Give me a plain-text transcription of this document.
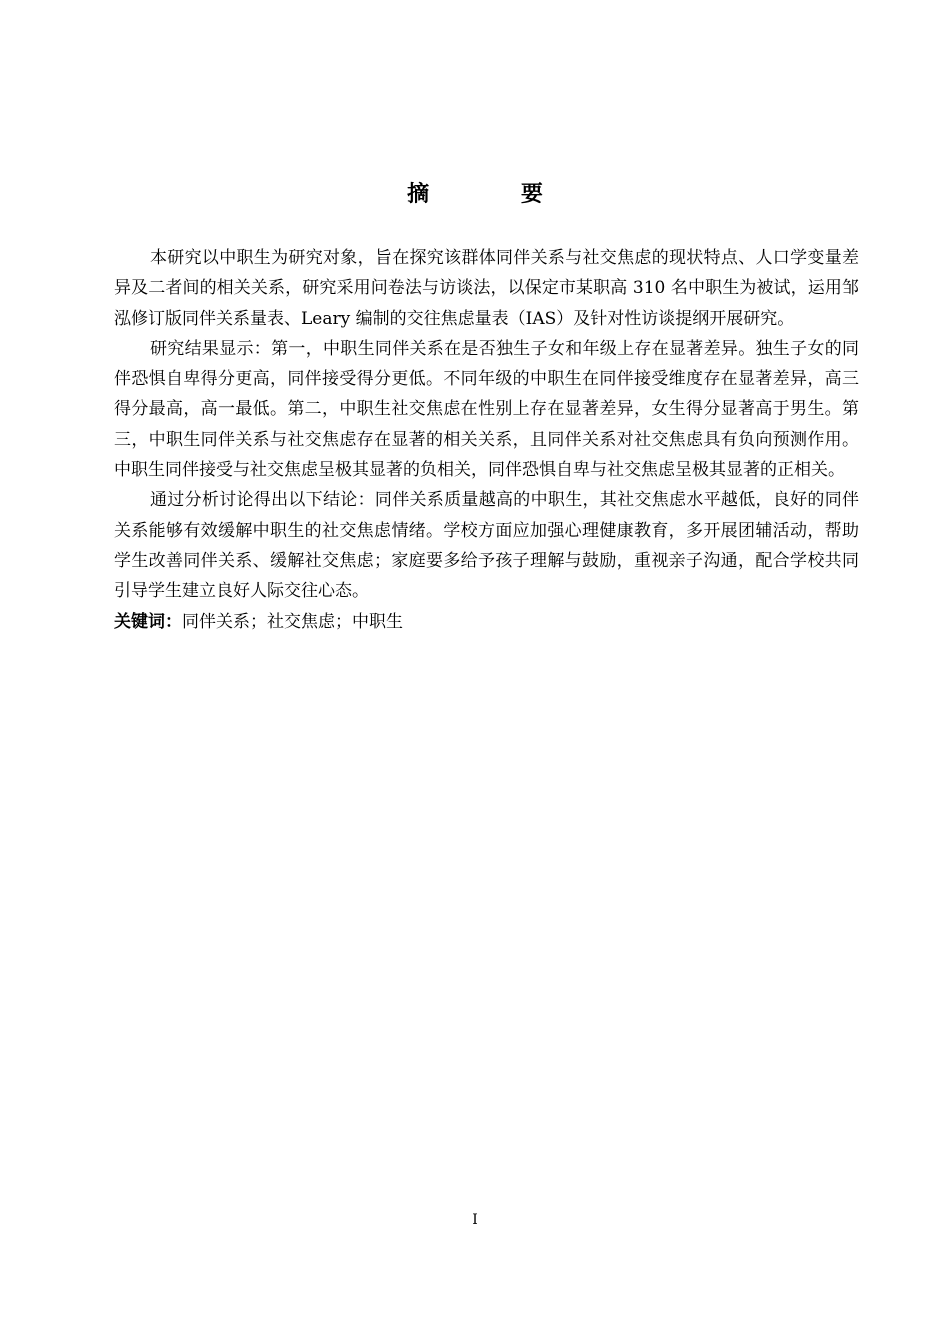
摘 要

本研究以中职生为研究对象，旨在探究该群体同伴关系与社交焦虑的现状特点、人口学变量差异及二者间的相关关系，研究采用问卷法与访谈法，以保定市某职高 310 名中职生为被试，运用邹泓修订版同伴关系量表、Leary 编制的交往焦虑量表（IAS）及针对性访谈提纲开展研究。

研究结果显示：第一，中职生同伴关系在是否独生子女和年级上存在显著差异。独生子女的同伴恐惧自卑得分更高，同伴接受得分更低。不同年级的中职生在同伴接受维度存在显著差异，高三得分最高，高一最低。第二，中职生社交焦虑在性别上存在显著差异，女生得分显著高于男生。第三，中职生同伴关系与社交焦虑存在显著的相关关系，且同伴关系对社交焦虑具有负向预测作用。中职生同伴接受与社交焦虑呈极其显著的负相关，同伴恐惧自卑与社交焦虑呈极其显著的正相关。

通过分析讨论得出以下结论：同伴关系质量越高的中职生，其社交焦虑水平越低，良好的同伴关系能够有效缓解中职生的社交焦虑情绪。学校方面应加强心理健康教育，多开展团辅活动，帮助学生改善同伴关系、缓解社交焦虑；家庭要多给予孩子理解与鼓励，重视亲子沟通，配合学校共同引导学生建立良好人际交往心态。

关键词：同伴关系；社交焦虑；中职生

I
